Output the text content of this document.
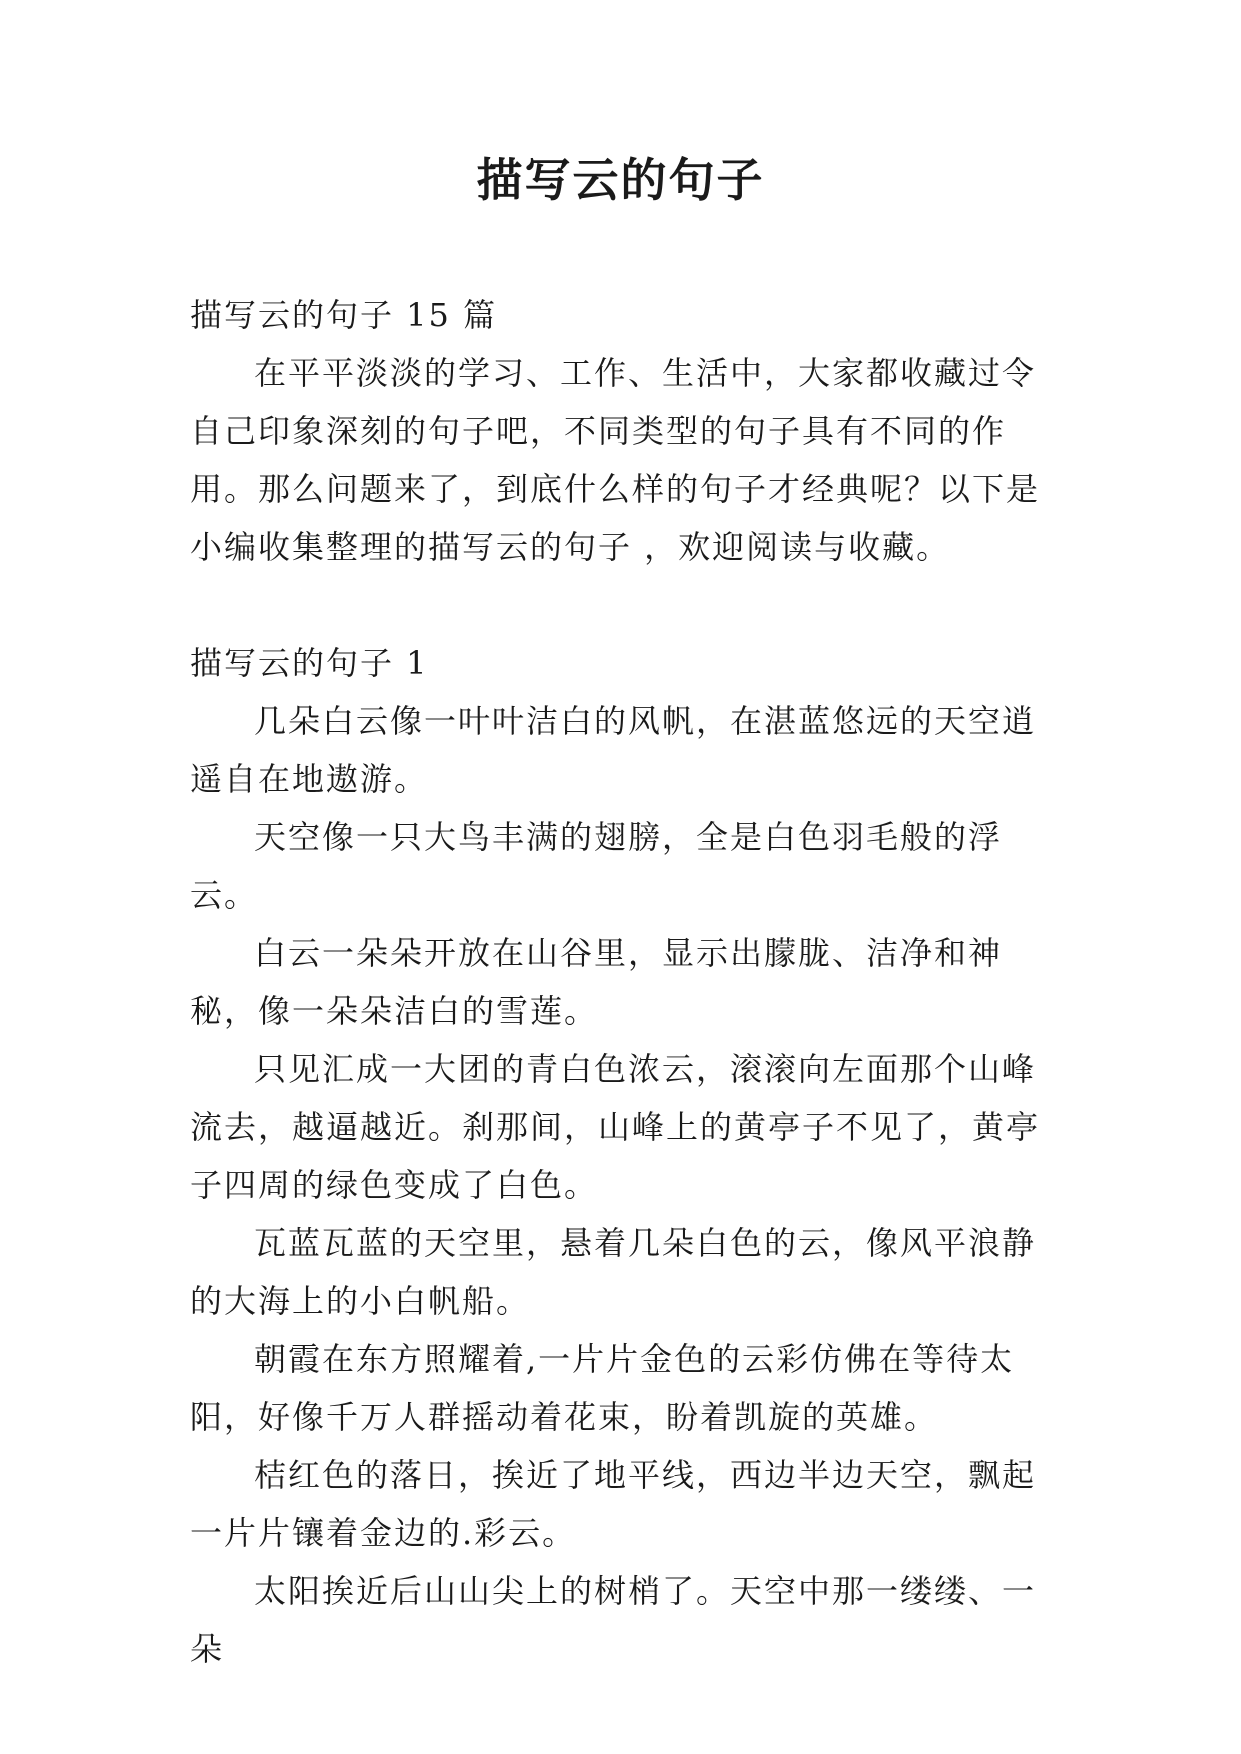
描写云的句子

描写云的句子 15 篇

在平平淡淡的学习、工作、生活中，大家都收藏过令自己印象深刻的句子吧，不同类型的句子具有不同的作用。那么问题来了，到底什么样的句子才经典呢？以下是小编收集整理的描写云的句子 ，欢迎阅读与收藏。

描写云的句子 1

几朵白云像一叶叶洁白的风帆，在湛蓝悠远的天空逍遥自在地遨游。

天空像一只大鸟丰满的翅膀，全是白色羽毛般的浮云。

白云一朵朵开放在山谷里，显示出朦胧、洁净和神秘，像一朵朵洁白的雪莲。

只见汇成一大团的青白色浓云，滚滚向左面那个山峰流去，越逼越近。刹那间，山峰上的黄亭子不见了，黄亭子四周的绿色变成了白色。

瓦蓝瓦蓝的天空里，悬着几朵白色的云，像风平浪静的大海上的小白帆船。

朝霞在东方照耀着,一片片金色的云彩仿佛在等待太阳，好像千万人群摇动着花束，盼着凯旋的英雄。

桔红色的落日，挨近了地平线，西边半边天空，飘起一片片镶着金边的.彩云。

太阳挨近后山山尖上的树梢了。天空中那一缕缕、一朵
